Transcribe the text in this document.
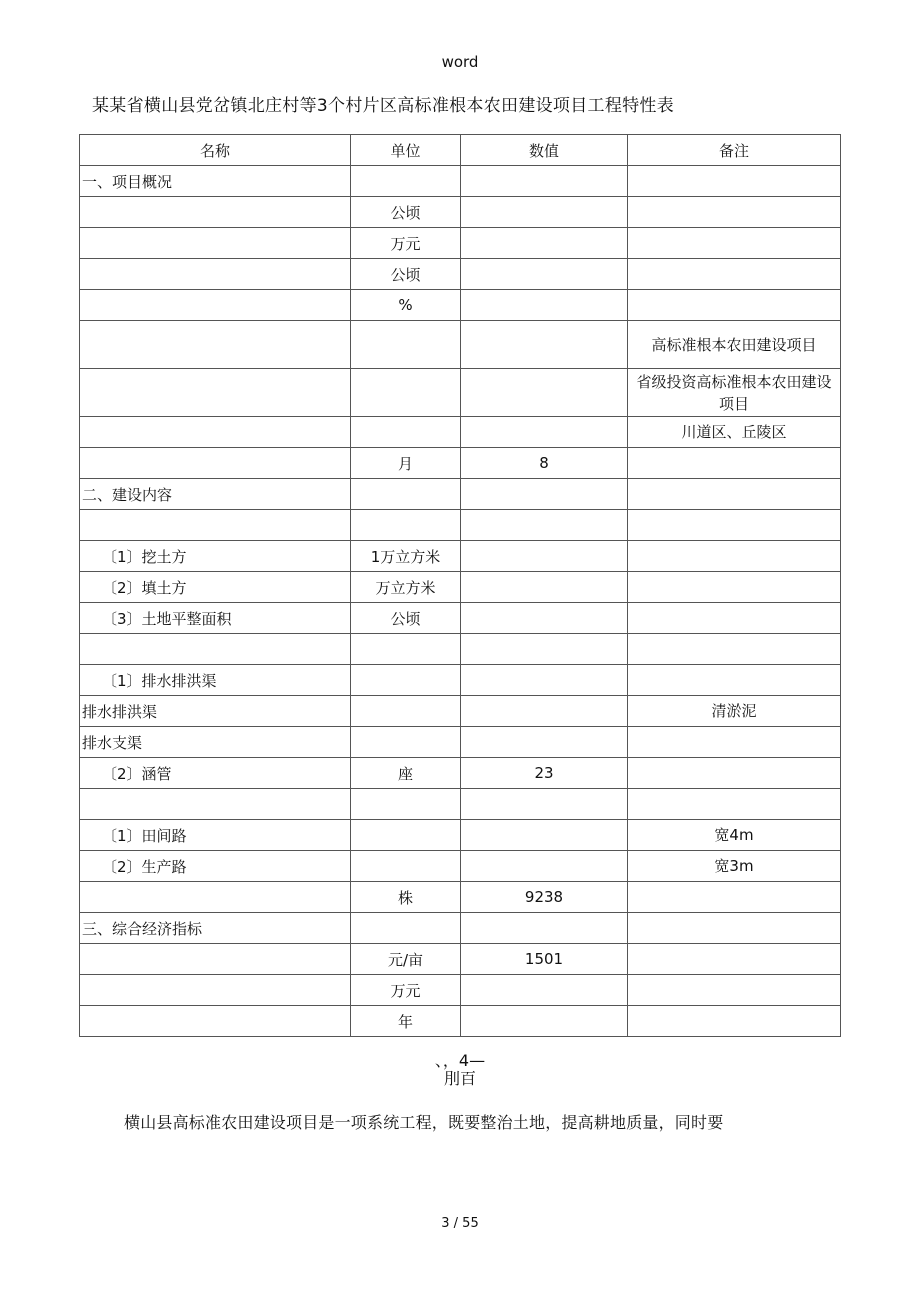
word
某某省横山县党岔镇北庄村等3个村片区高标准根本农田建设项目工程特性表
名称	单位	数值	备注
一、项目概况			
	公顷		
	万元		
	公顷		
	%		
			高标准根本农田建设项目
			省级投资高标准根本农田建设项目
			川道区、丘陵区
	月	8	
二、建设内容			

〔1〕挖土方	1万立方米		
〔2〕填土方	万立方米		
〔3〕土地平整面积	公顷		

〔1〕排水排洪渠			
排水排洪渠			清淤泥
排水支渠			
〔2〕涵管	座	23	

〔1〕田间路			宽4m
〔2〕生产路			宽3m
	株	9238	
三、综合经济指标			
	元/亩	1501	
	万元		
	年		
、，4—
刖百
横山县高标准农田建设项目是一项系统工程，既要整治土地，提高耕地质量，同时要
3 / 55
